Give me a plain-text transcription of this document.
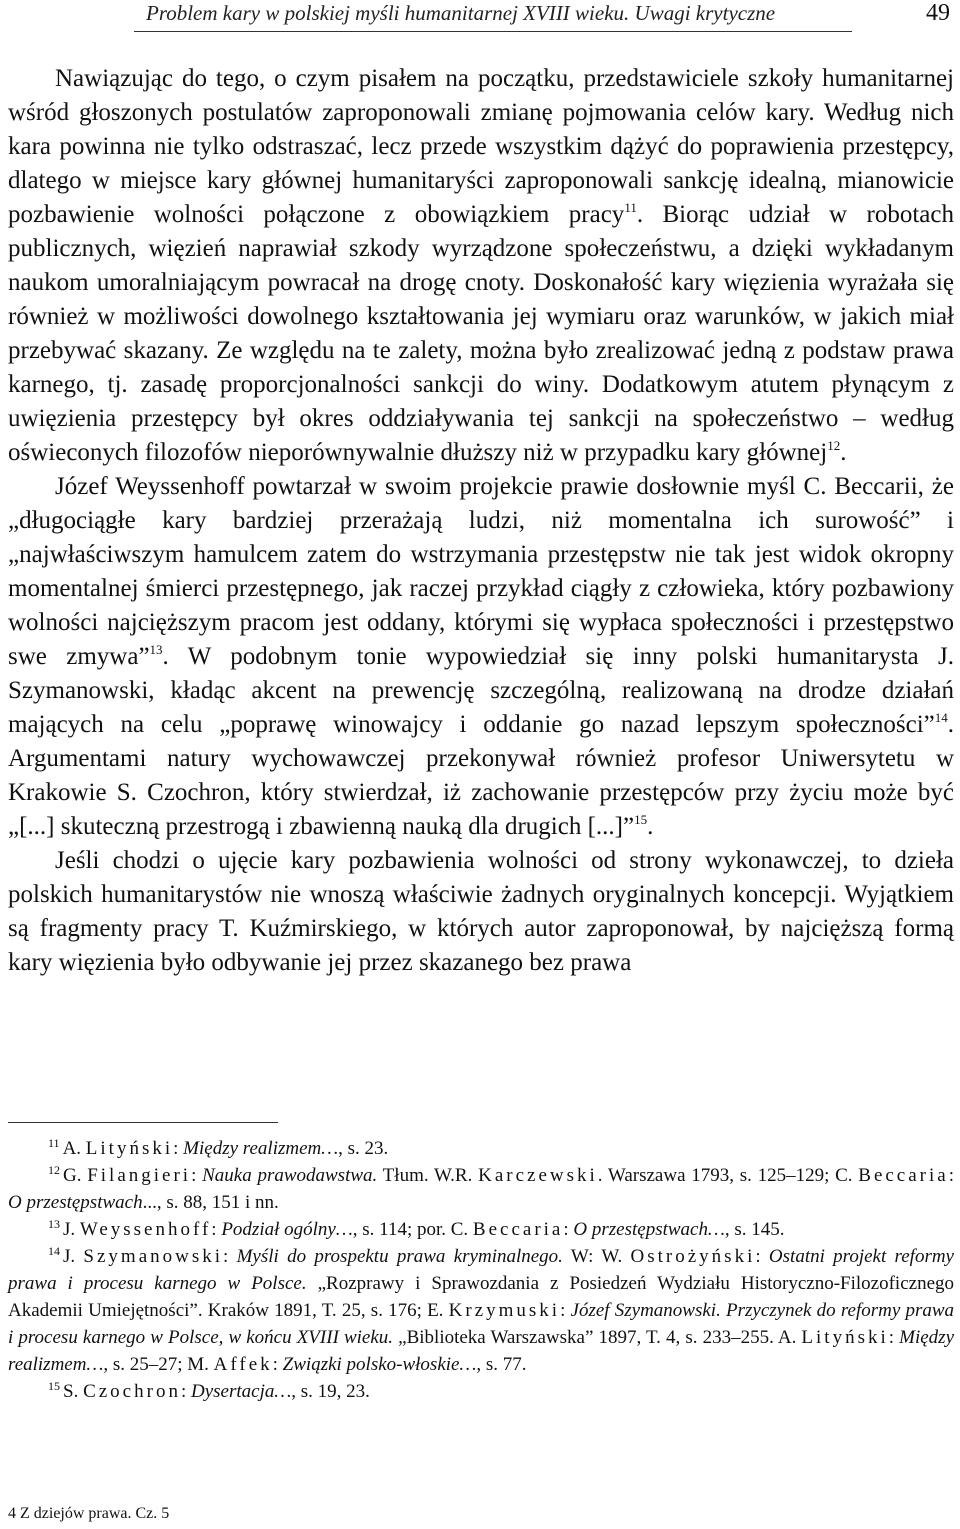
Problem kary w polskiej myśli humanitarnej XVIII wieku. Uwagi krytyczne	49

Nawiązując do tego, o czym pisałem na początku, przedstawiciele szkoły humanitarnej wśród głoszonych postulatów zaproponowali zmianę pojmowania celów kary. Według nich kara powinna nie tylko odstraszać, lecz przede wszystkim dążyć do poprawienia przestępcy, dlatego w miejsce kary głównej humanitaryści zaproponowali sankcję idealną, mianowicie pozbawienie wolności połączone z obowiązkiem pracy$^{11}$. Biorąc udział w robotach publicznych, więzień naprawiał szkody wyrządzone społeczeństwu, a dzięki wykładanym naukom umoralniającym powracał na drogę cnoty. Doskonałość kary więzienia wyrażała się również w możliwości dowolnego kształtowania jej wymiaru oraz warunków, w jakich miał przebywać skazany. Ze względu na te zalety, można było zrealizować jedną z podstaw prawa karnego, tj. zasadę proporcjonalności sankcji do winy. Dodatkowym atutem płynącym z uwięzienia przestępcy był okres oddziaływania tej sankcji na społeczeństwo – według oświeconych filozofów nieporównywalnie dłuższy niż w przypadku kary głównej$^{12}$.

Józef Weyssenhoff powtarzał w swoim projekcie prawie dosłownie myśl C. Beccarii, że „długociągłe kary bardziej przerażają ludzi, niż momentalna ich surowość” i „najwłaściwszym hamulcem zatem do wstrzymania przestępstw nie tak jest widok okropny momentalnej śmierci przestępnego, jak raczej przykład ciągły z człowieka, który pozbawiony wolności najcięższym pracom jest oddany, którymi się wypłaca społeczności i przestępstwo swe zmywa”$^{13}$. W podobnym tonie wypowiedział się inny polski humanitarysta J. Szymanowski, kładąc akcent na prewencję szczególną, realizowaną na drodze działań mających na celu „poprawę winowajcy i oddanie go nazad lepszym społeczności”$^{14}$. Argumentami natury wychowawczej przekonywał również profesor Uniwersytetu w Krakowie S. Czochron, który stwierdzał, iż zachowanie przestępców przy życiu może być „[...] skuteczną przestrogą i zbawienną nauką dla drugich [...]”$^{15}$.

Jeśli chodzi o ujęcie kary pozbawienia wolności od strony wykonawczej, to dzieła polskich humanitarystów nie wnoszą właściwie żadnych oryginalnych koncepcji. Wyjątkiem są fragmenty pracy T. Kuźmirskiego, w których autor zaproponował, by najcięższą formą kary więzienia było odbywanie jej przez skazanego bez prawa

$^{11}$ A. Lityński: Między realizmem…, s. 23.

$^{12}$ G. Filangieri: Nauka prawodawstwa. Tłum. W.R. Karczewski. Warszawa 1793, s. 125–129; C. Beccaria: O przestępstwach..., s. 88, 151 i nn.

$^{13}$ J. Weyssenhoff: Podział ogólny…, s. 114; por. C. Beccaria: O przestępstwach…, s. 145.

$^{14}$ J. Szymanowski: Myśli do prospektu prawa kryminalnego. W: W. Ostrożyński: Ostatni projekt reformy prawa i procesu karnego w Polsce. „Rozprawy i Sprawozdania z Posiedzeń Wydziału Historyczno-Filozoficznego Akademii Umiejętności”. Kraków 1891, T. 25, s. 176; E. Krzymuski: Józef Szymanowski. Przyczynek do reformy prawa i procesu karnego w Polsce, w końcu XVIII wieku. „Biblioteka Warszawska” 1897, T. 4, s. 233–255. A. Lityński: Między realizmem…, s. 25–27; M. Affek: Związki polsko-włoskie…, s. 77.

$^{15}$ S. Czochron: Dysertacja…, s. 19, 23.

4 Z dziejów prawa. Cz. 5
